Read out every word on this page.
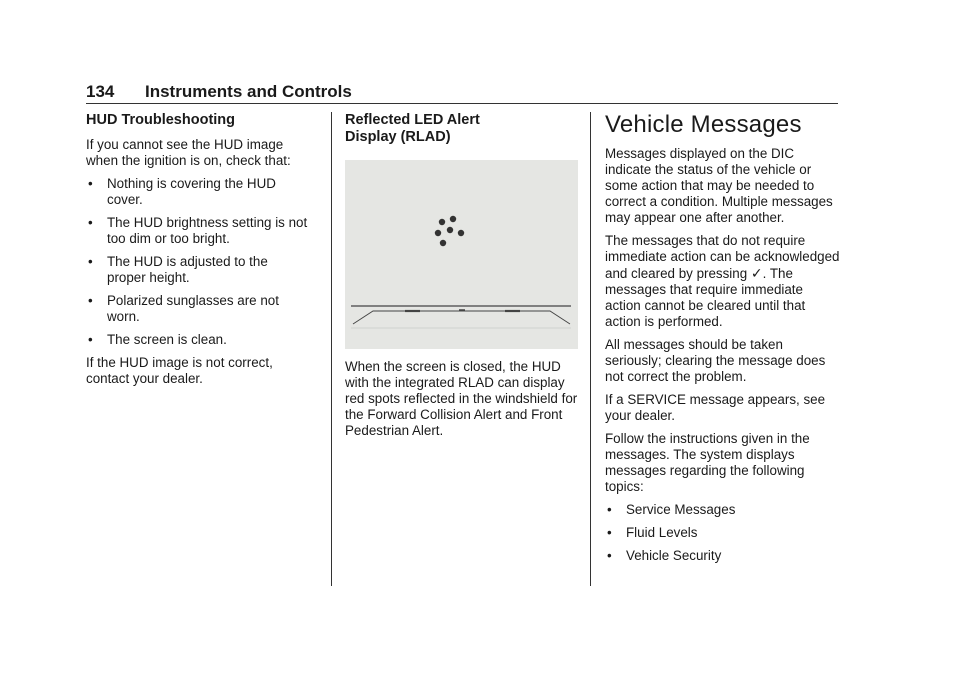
134 Instruments and Controls
HUD Troubleshooting

If you cannot see the HUD image when the ignition is on, check that:

• Nothing is covering the HUD cover.
• The HUD brightness setting is not too dim or too bright.
• The HUD is adjusted to the proper height.
• Polarized sunglasses are not worn.
• The screen is clean.

If the HUD image is not correct, contact your dealer.

Reflected LED Alert
Display (RLAD)

When the screen is closed, the HUD with the integrated RLAD can display red spots reflected in the windshield for the Forward Collision Alert and Front Pedestrian Alert.

Vehicle Messages

Messages displayed on the DIC indicate the status of the vehicle or some action that may be needed to correct a condition. Multiple messages may appear one after another.

The messages that do not require immediate action can be acknowledged and cleared by pressing ✓. The messages that require immediate action cannot be cleared until that action is performed.

All messages should be taken seriously; clearing the message does not correct the problem.

If a SERVICE message appears, see your dealer.

Follow the instructions given in the messages. The system displays messages regarding the following topics:

• Service Messages
• Fluid Levels
• Vehicle Security
